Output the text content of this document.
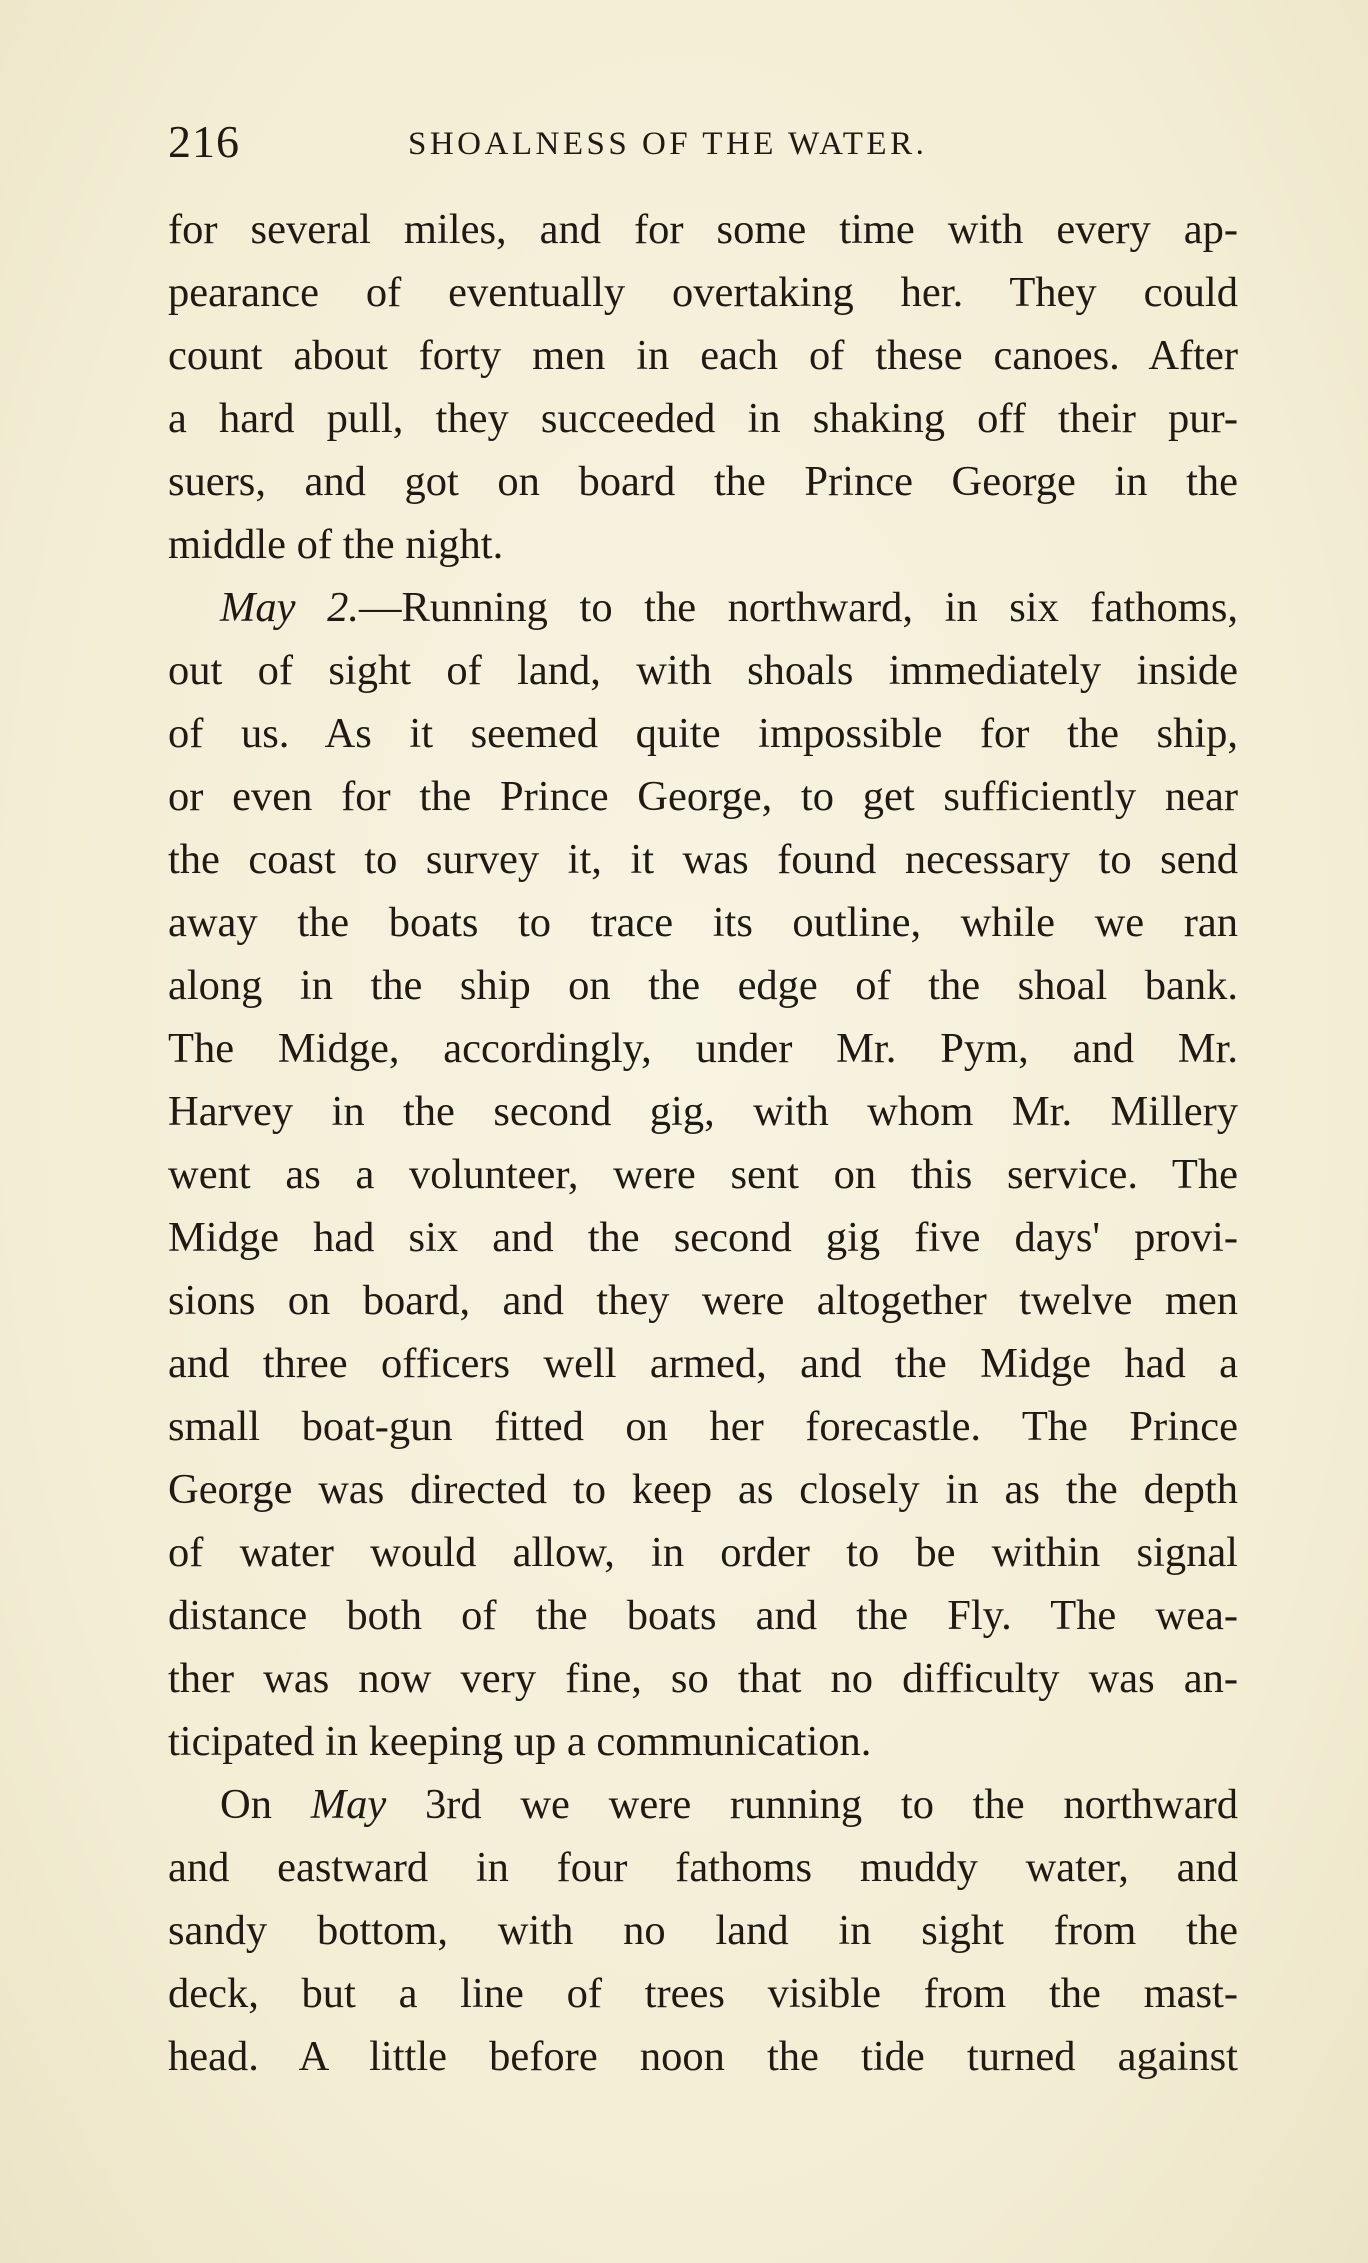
216	SHOALNESS OF THE WATER.
for several miles, and for some time with every ap-
pearance of eventually overtaking her. They could
count about forty men in each of these canoes. After
a hard pull, they succeeded in shaking off their pur-
suers, and got on board the Prince George in the
middle of the night.
May 2.—Running to the northward, in six fathoms,
out of sight of land, with shoals immediately inside
of us. As it seemed quite impossible for the ship,
or even for the Prince George, to get sufficiently near
the coast to survey it, it was found necessary to send
away the boats to trace its outline, while we ran
along in the ship on the edge of the shoal bank.
The Midge, accordingly, under Mr. Pym, and Mr.
Harvey in the second gig, with whom Mr. Millery
went as a volunteer, were sent on this service. The
Midge had six and the second gig five days' provi-
sions on board, and they were altogether twelve men
and three officers well armed, and the Midge had a
small boat-gun fitted on her forecastle. The Prince
George was directed to keep as closely in as the depth
of water would allow, in order to be within signal
distance both of the boats and the Fly. The wea-
ther was now very fine, so that no difficulty was an-
ticipated in keeping up a communication.
On May 3rd we were running to the northward
and eastward in four fathoms muddy water, and
sandy bottom, with no land in sight from the
deck, but a line of trees visible from the mast-
head. A little before noon the tide turned against
